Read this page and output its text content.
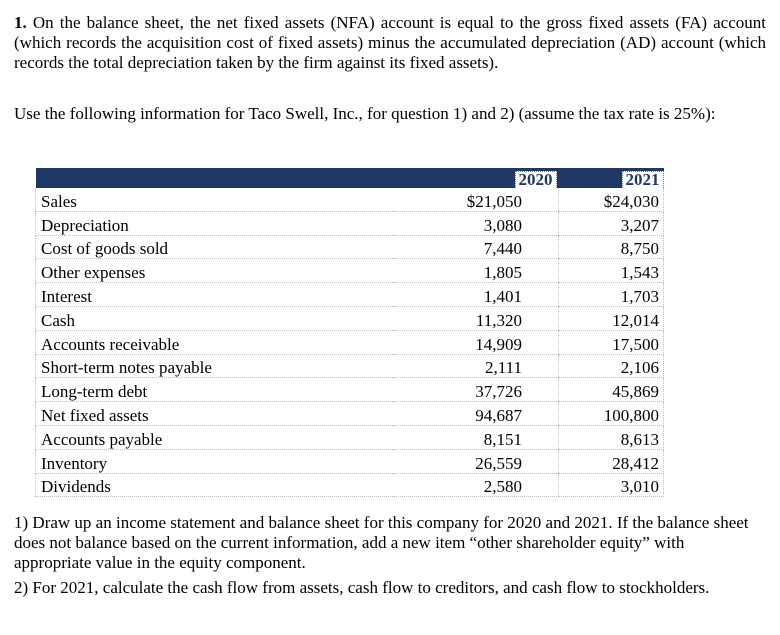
1. On the balance sheet, the net fixed assets (NFA) account is equal to the gross fixed assets (FA) account (which records the acquisition cost of fixed assets) minus the accumulated depreciation (AD) account (which records the total depreciation taken by the firm against its fixed assets).

Use the following information for Taco Swell, Inc., for question 1) and 2) (assume the tax rate is 25%):

	2020	2021
Sales	$21,050	$24,030
Depreciation	3,080	3,207
Cost of goods sold	7,440	8,750
Other expenses	1,805	1,543
Interest	1,401	1,703
Cash	11,320	12,014
Accounts receivable	14,909	17,500
Short-term notes payable	2,111	2,106
Long-term debt	37,726	45,869
Net fixed assets	94,687	100,800
Accounts payable	8,151	8,613
Inventory	26,559	28,412
Dividends	2,580	3,010

1) Draw up an income statement and balance sheet for this company for 2020 and 2021. If the balance sheet does not balance based on the current information, add a new item “other shareholder equity” with appropriate value in the equity component.

2) For 2021, calculate the cash flow from assets, cash flow to creditors, and cash flow to stockholders.
